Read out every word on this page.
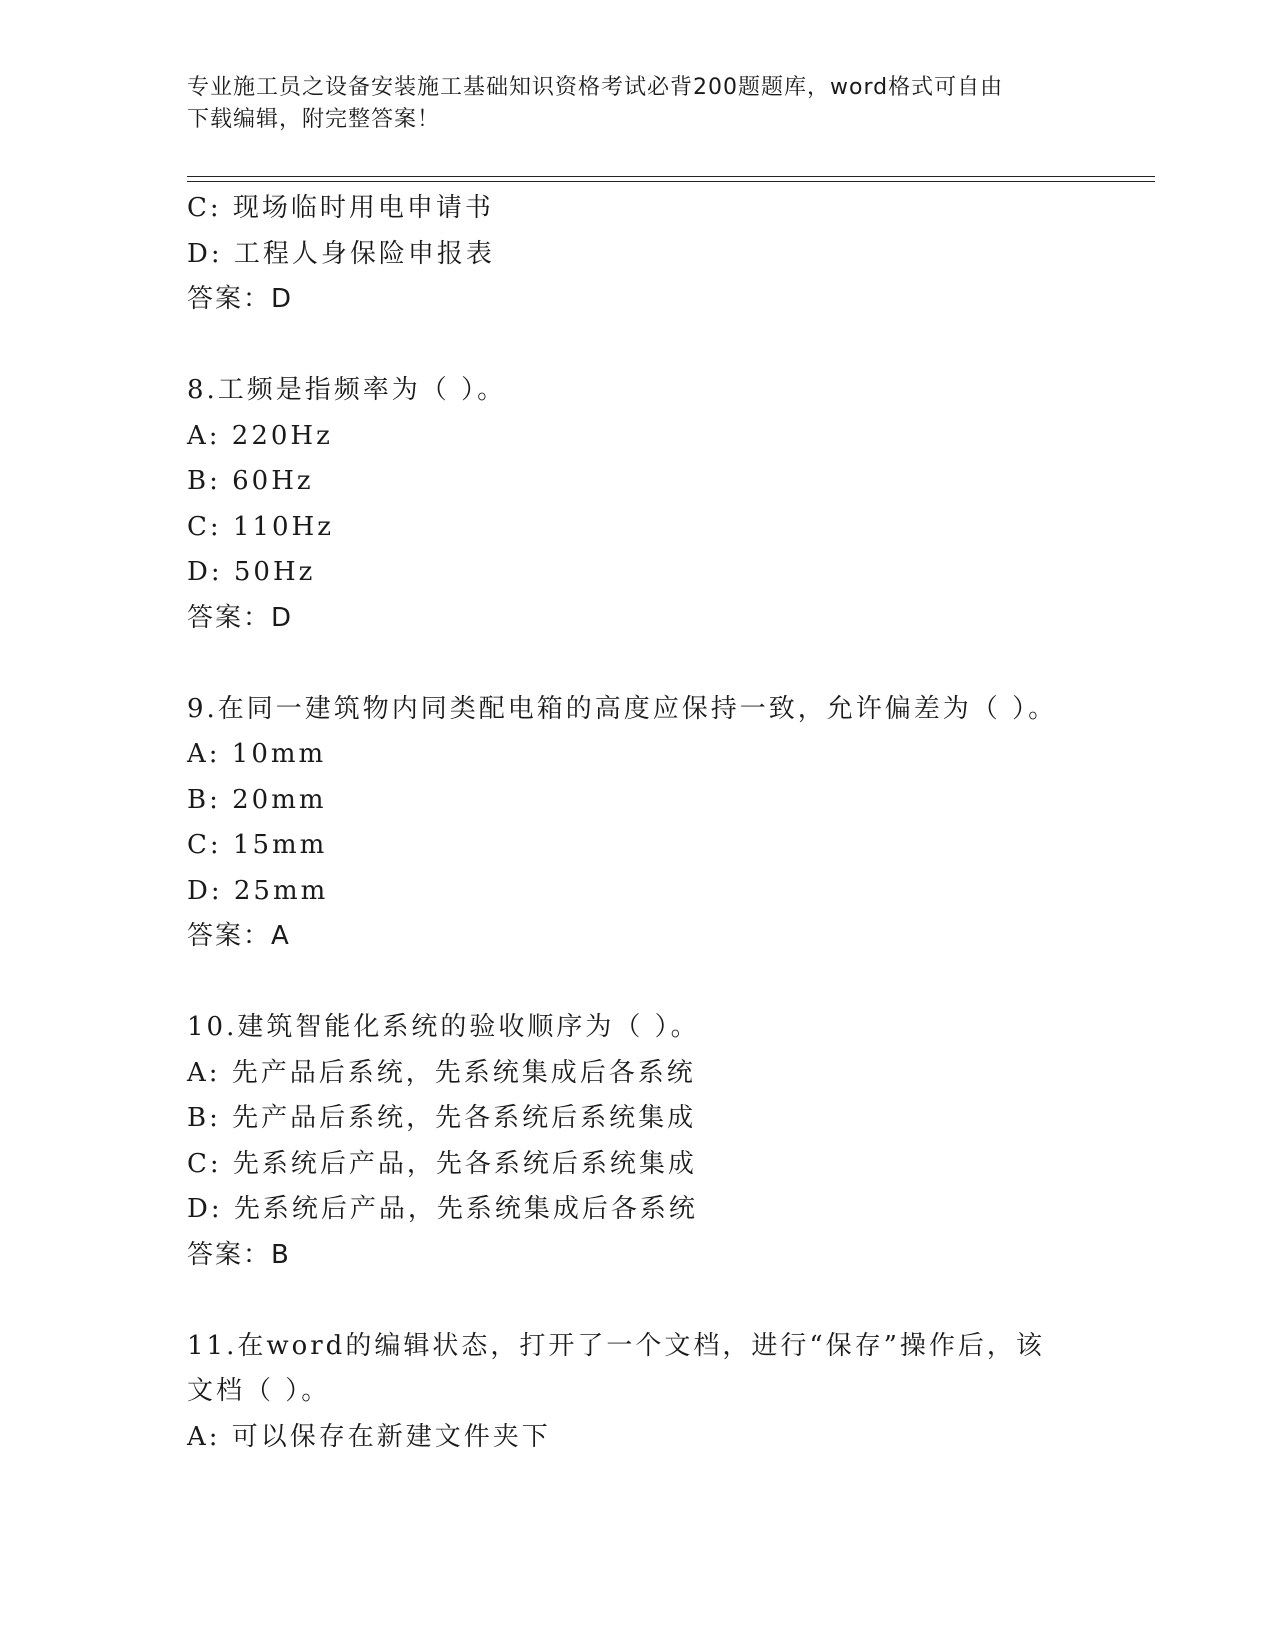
专业施工员之设备安装施工基础知识资格考试必背200题题库，word格式可自由
下载编辑，附完整答案！
C: 现场临时用电申请书
D: 工程人身保险申报表
答案：D
8.工频是指频率为（ ）。
A: 220Hz
B: 60Hz
C: 110Hz
D: 50Hz
答案：D
9.在同一建筑物内同类配电箱的高度应保持一致，允许偏差为（ ）。
A: 10mm
B: 20mm
C: 15mm
D: 25mm
答案：A
10.建筑智能化系统的验收顺序为（ ）。
A: 先产品后系统，先系统集成后各系统
B: 先产品后系统，先各系统后系统集成
C: 先系统后产品，先各系统后系统集成
D: 先系统后产品，先系统集成后各系统
答案：B
11.在word的编辑状态，打开了一个文档，进行“保存”操作后，该
文档（ ）。
A: 可以保存在新建文件夹下
